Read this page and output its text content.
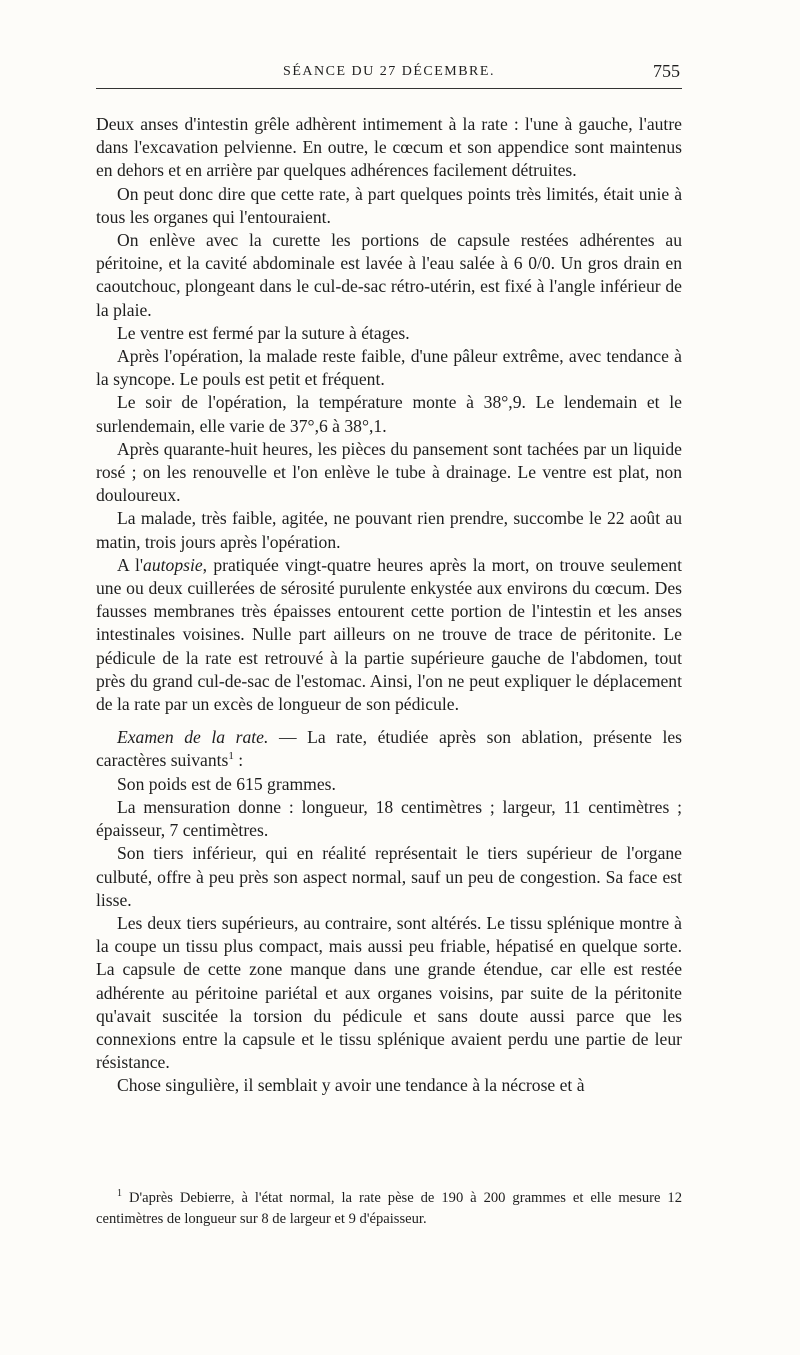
SÉANCE DU 27 DÉCEMBRE.	755

Deux anses d'intestin grêle adhèrent intimement à la rate : l'une à gauche, l'autre dans l'excavation pelvienne. En outre, le cœcum et son appendice sont maintenus en dehors et en arrière par quelques adhérences facilement détruites.

On peut donc dire que cette rate, à part quelques points très limités, était unie à tous les organes qui l'entouraient.

On enlève avec la curette les portions de capsule restées adhérentes au péritoine, et la cavité abdominale est lavée à l'eau salée à 6 0/0. Un gros drain en caoutchouc, plongeant dans le cul-de-sac rétro-utérin, est fixé à l'angle inférieur de la plaie.

Le ventre est fermé par la suture à étages.

Après l'opération, la malade reste faible, d'une pâleur extrême, avec tendance à la syncope. Le pouls est petit et fréquent.

Le soir de l'opération, la température monte à 38°,9. Le lendemain et le surlendemain, elle varie de 37°,6 à 38°,1.

Après quarante-huit heures, les pièces du pansement sont tachées par un liquide rosé ; on les renouvelle et l'on enlève le tube à drainage. Le ventre est plat, non douloureux.

La malade, très faible, agitée, ne pouvant rien prendre, succombe le 22 août au matin, trois jours après l'opération.

A l'autopsie, pratiquée vingt-quatre heures après la mort, on trouve seulement une ou deux cuillerées de sérosité purulente enkystée aux environs du cœcum. Des fausses membranes très épaisses entourent cette portion de l'intestin et les anses intestinales voisines. Nulle part ailleurs on ne trouve de trace de péritonite. Le pédicule de la rate est retrouvé à la partie supérieure gauche de l'abdomen, tout près du grand cul-de-sac de l'estomac. Ainsi, l'on ne peut expliquer le déplacement de la rate par un excès de longueur de son pédicule.

Examen de la rate. — La rate, étudiée après son ablation, présente les caractères suivants$^1$ :

Son poids est de 615 grammes.

La mensuration donne : longueur, 18 centimètres ; largeur, 11 centimètres ; épaisseur, 7 centimètres.

Son tiers inférieur, qui en réalité représentait le tiers supérieur de l'organe culbuté, offre à peu près son aspect normal, sauf un peu de congestion. Sa face est lisse.

Les deux tiers supérieurs, au contraire, sont altérés. Le tissu splénique montre à la coupe un tissu plus compact, mais aussi peu friable, hépatisé en quelque sorte. La capsule de cette zone manque dans une grande étendue, car elle est restée adhérente au péritoine pariétal et aux organes voisins, par suite de la péritonite qu'avait suscitée la torsion du pédicule et sans doute aussi parce que les connexions entre la capsule et le tissu splénique avaient perdu une partie de leur résistance.

Chose singulière, il semblait y avoir une tendance à la nécrose et à

$^1$ D'après Debierre, à l'état normal, la rate pèse de 190 à 200 grammes et elle mesure 12 centimètres de longueur sur 8 de largeur et 9 d'épaisseur.
